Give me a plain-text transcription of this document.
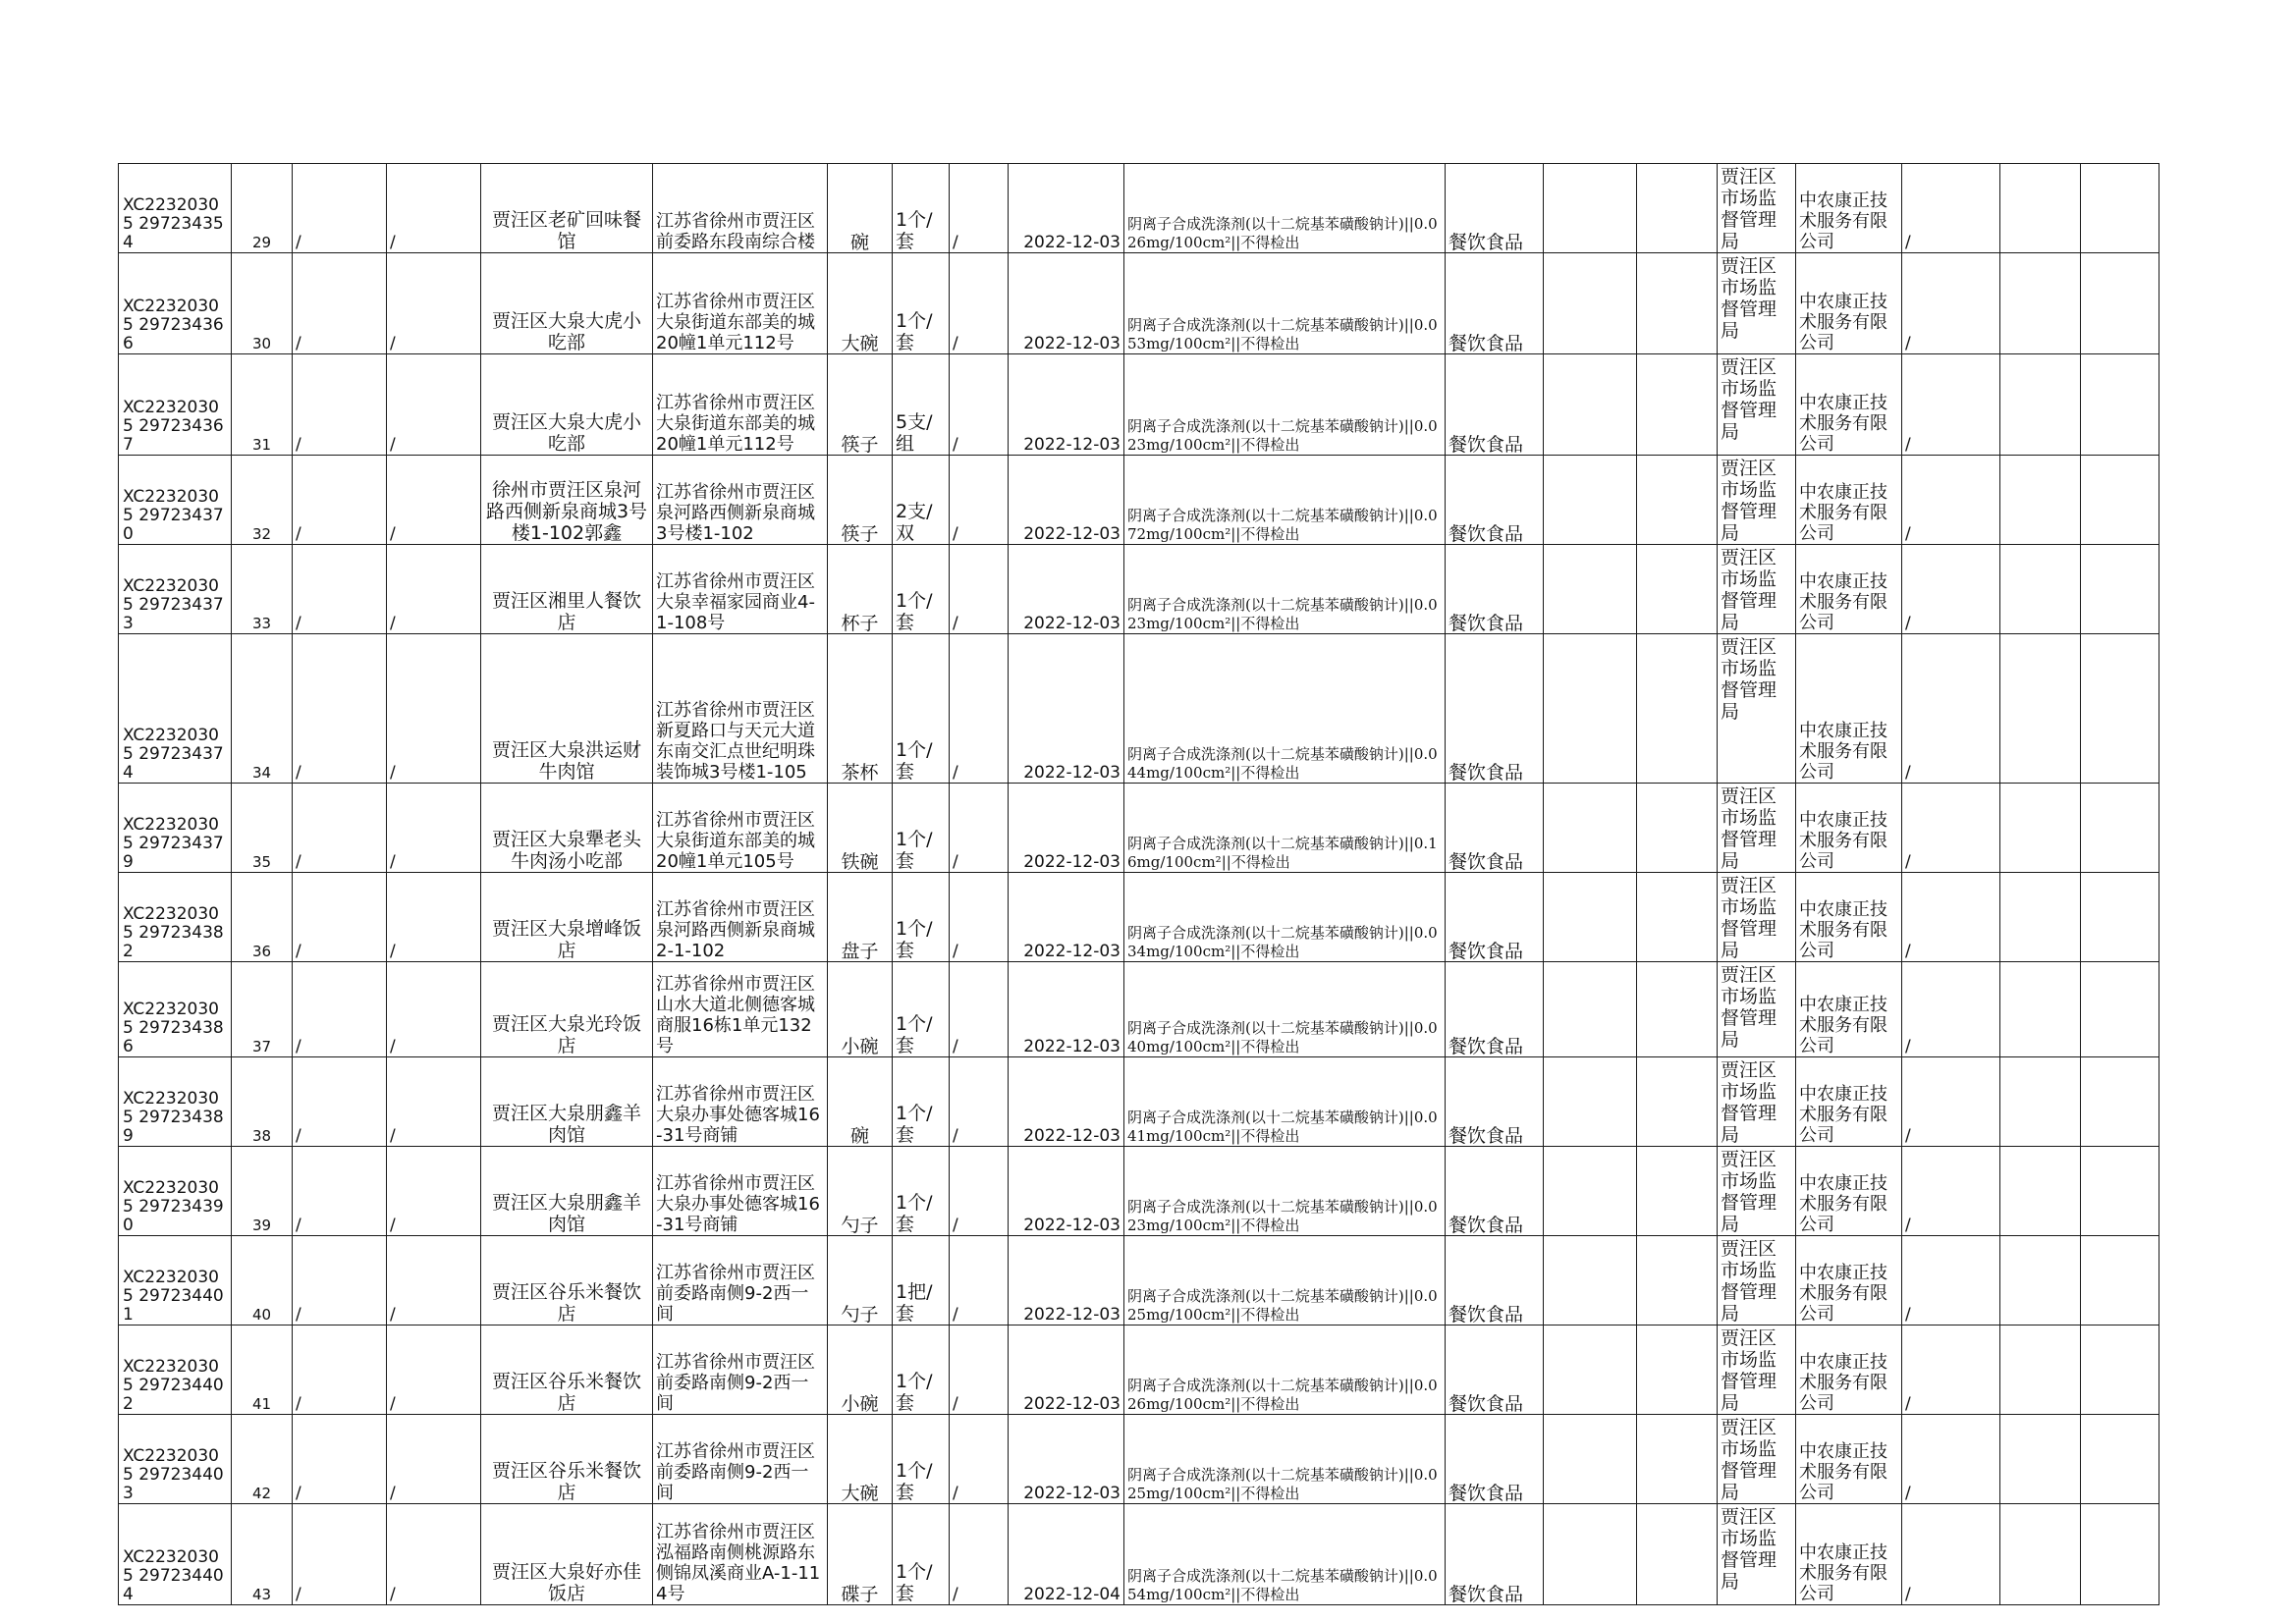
XC22320305 297234354	29	/	/	贾汪区老矿回味餐馆	江苏省徐州市贾汪区前委路东段南综合楼	碗	1个/套	/	2022-12-03	阴离子合成洗涤剂(以十二烷基苯磺酸钠计)||0.026mg/100cm²||不得检出	餐饮食品			贾汪区市场监督管理局	中农康正技术服务有限公司	/		
XC22320305 297234366	30	/	/	贾汪区大泉大虎小吃部	江苏省徐州市贾汪区大泉街道东部美的城20幢1单元112号	大碗	1个/套	/	2022-12-03	阴离子合成洗涤剂(以十二烷基苯磺酸钠计)||0.053mg/100cm²||不得检出	餐饮食品			贾汪区市场监督管理局	中农康正技术服务有限公司	/		
XC22320305 297234367	31	/	/	贾汪区大泉大虎小吃部	江苏省徐州市贾汪区大泉街道东部美的城20幢1单元112号	筷子	5支/组	/	2022-12-03	阴离子合成洗涤剂(以十二烷基苯磺酸钠计)||0.023mg/100cm²||不得检出	餐饮食品			贾汪区市场监督管理局	中农康正技术服务有限公司	/		
XC22320305 297234370	32	/	/	徐州市贾汪区泉河路西侧新泉商城3号楼1-102郭鑫	江苏省徐州市贾汪区泉河路西侧新泉商城3号楼1-102	筷子	2支/双	/	2022-12-03	阴离子合成洗涤剂(以十二烷基苯磺酸钠计)||0.072mg/100cm²||不得检出	餐饮食品			贾汪区市场监督管理局	中农康正技术服务有限公司	/		
XC22320305 297234373	33	/	/	贾汪区湘里人餐饮店	江苏省徐州市贾汪区大泉幸福家园商业4-1-108号	杯子	1个/套	/	2022-12-03	阴离子合成洗涤剂(以十二烷基苯磺酸钠计)||0.023mg/100cm²||不得检出	餐饮食品			贾汪区市场监督管理局	中农康正技术服务有限公司	/		
XC22320305 297234374	34	/	/	贾汪区大泉洪运财牛肉馆	江苏省徐州市贾汪区新夏路口与天元大道东南交汇点世纪明珠装饰城3号楼1-105	茶杯	1个/套	/	2022-12-03	阴离子合成洗涤剂(以十二烷基苯磺酸钠计)||0.044mg/100cm²||不得检出	餐饮食品			贾汪区市场监督管理局	中农康正技术服务有限公司	/		
XC22320305 297234379	35	/	/	贾汪区大泉犟老头牛肉汤小吃部	江苏省徐州市贾汪区大泉街道东部美的城20幢1单元105号	铁碗	1个/套	/	2022-12-03	阴离子合成洗涤剂(以十二烷基苯磺酸钠计)||0.16mg/100cm²||不得检出	餐饮食品			贾汪区市场监督管理局	中农康正技术服务有限公司	/		
XC22320305 297234382	36	/	/	贾汪区大泉增峰饭店	江苏省徐州市贾汪区泉河路西侧新泉商城2-1-102	盘子	1个/套	/	2022-12-03	阴离子合成洗涤剂(以十二烷基苯磺酸钠计)||0.034mg/100cm²||不得检出	餐饮食品			贾汪区市场监督管理局	中农康正技术服务有限公司	/		
XC22320305 297234386	37	/	/	贾汪区大泉光玲饭店	江苏省徐州市贾汪区山水大道北侧德客城商服16栋1单元132号	小碗	1个/套	/	2022-12-03	阴离子合成洗涤剂(以十二烷基苯磺酸钠计)||0.040mg/100cm²||不得检出	餐饮食品			贾汪区市场监督管理局	中农康正技术服务有限公司	/		
XC22320305 297234389	38	/	/	贾汪区大泉朋鑫羊肉馆	江苏省徐州市贾汪区大泉办事处德客城16-31号商铺	碗	1个/套	/	2022-12-03	阴离子合成洗涤剂(以十二烷基苯磺酸钠计)||0.041mg/100cm²||不得检出	餐饮食品			贾汪区市场监督管理局	中农康正技术服务有限公司	/		
XC22320305 297234390	39	/	/	贾汪区大泉朋鑫羊肉馆	江苏省徐州市贾汪区大泉办事处德客城16-31号商铺	勺子	1个/套	/	2022-12-03	阴离子合成洗涤剂(以十二烷基苯磺酸钠计)||0.023mg/100cm²||不得检出	餐饮食品			贾汪区市场监督管理局	中农康正技术服务有限公司	/		
XC22320305 297234401	40	/	/	贾汪区谷乐米餐饮店	江苏省徐州市贾汪区前委路南侧9-2西一间	勺子	1把/套	/	2022-12-03	阴离子合成洗涤剂(以十二烷基苯磺酸钠计)||0.025mg/100cm²||不得检出	餐饮食品			贾汪区市场监督管理局	中农康正技术服务有限公司	/		
XC22320305 297234402	41	/	/	贾汪区谷乐米餐饮店	江苏省徐州市贾汪区前委路南侧9-2西一间	小碗	1个/套	/	2022-12-03	阴离子合成洗涤剂(以十二烷基苯磺酸钠计)||0.026mg/100cm²||不得检出	餐饮食品			贾汪区市场监督管理局	中农康正技术服务有限公司	/		
XC22320305 297234403	42	/	/	贾汪区谷乐米餐饮店	江苏省徐州市贾汪区前委路南侧9-2西一间	大碗	1个/套	/	2022-12-03	阴离子合成洗涤剂(以十二烷基苯磺酸钠计)||0.025mg/100cm²||不得检出	餐饮食品			贾汪区市场监督管理局	中农康正技术服务有限公司	/		
XC22320305 297234404	43	/	/	贾汪区大泉好亦佳饭店	江苏省徐州市贾汪区泓福路南侧桃源路东侧锦凤溪商业A-1-114号	碟子	1个/套	/	2022-12-04	阴离子合成洗涤剂(以十二烷基苯磺酸钠计)||0.054mg/100cm²||不得检出	餐饮食品			贾汪区市场监督管理局	中农康正技术服务有限公司	/		
